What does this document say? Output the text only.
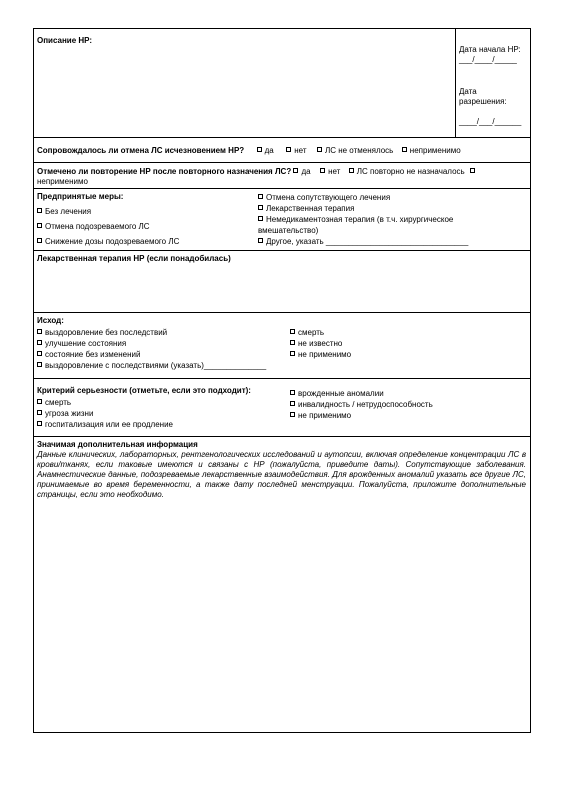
Описание НР:
Дата начала НР:
___/____/_____
Дата
разрешения:
____/___/______
Сопровождалось ли отмена ЛС исчезновением НР?	да	нет ЛС не отменялось неприменимо
Отмечено ли повторение НР после повторного назначения ЛС? да нет ЛС повторно не назначалось
неприменимо
Предпринятые меры:
Без лечения
Отмена подозреваемого ЛС
Снижение дозы подозреваемого ЛС
Отмена сопутствующего лечения
Лекарственная терапия
Немедикаментозная терапия (в т.ч. хирургическое
вмешательство)
Другое, указать ________________________________
Лекарственная терапия НР (если понадобилась)
Исход:
выздоровление без последствий
улучшение состояния
состояние без изменений
выздоровление с последствиями (указать)______________
смерть
не известно
не применимо
Критерий серьезности (отметьте, если это подходит):
смерть
угроза жизни
госпитализация или ее продление
врожденные аномалии
инвалидность / нетрудоспособность
не применимо
Значимая дополнительная информация
Данные клинических, лабораторных, рентгенологических исследований и аутопсии, включая определение концентрации ЛС в крови/тканях, если таковые имеются и связаны с НР (пожалуйста, приведите даты). Сопутствующие заболевания. Анамнестические данные, подозреваемые лекарственные взаимодействия. Для врожденных аномалий указать все другие ЛС, принимаемые во время беременности, а также дату последней менструации. Пожалуйста, приложите дополнительные страницы, если это необходимо.
